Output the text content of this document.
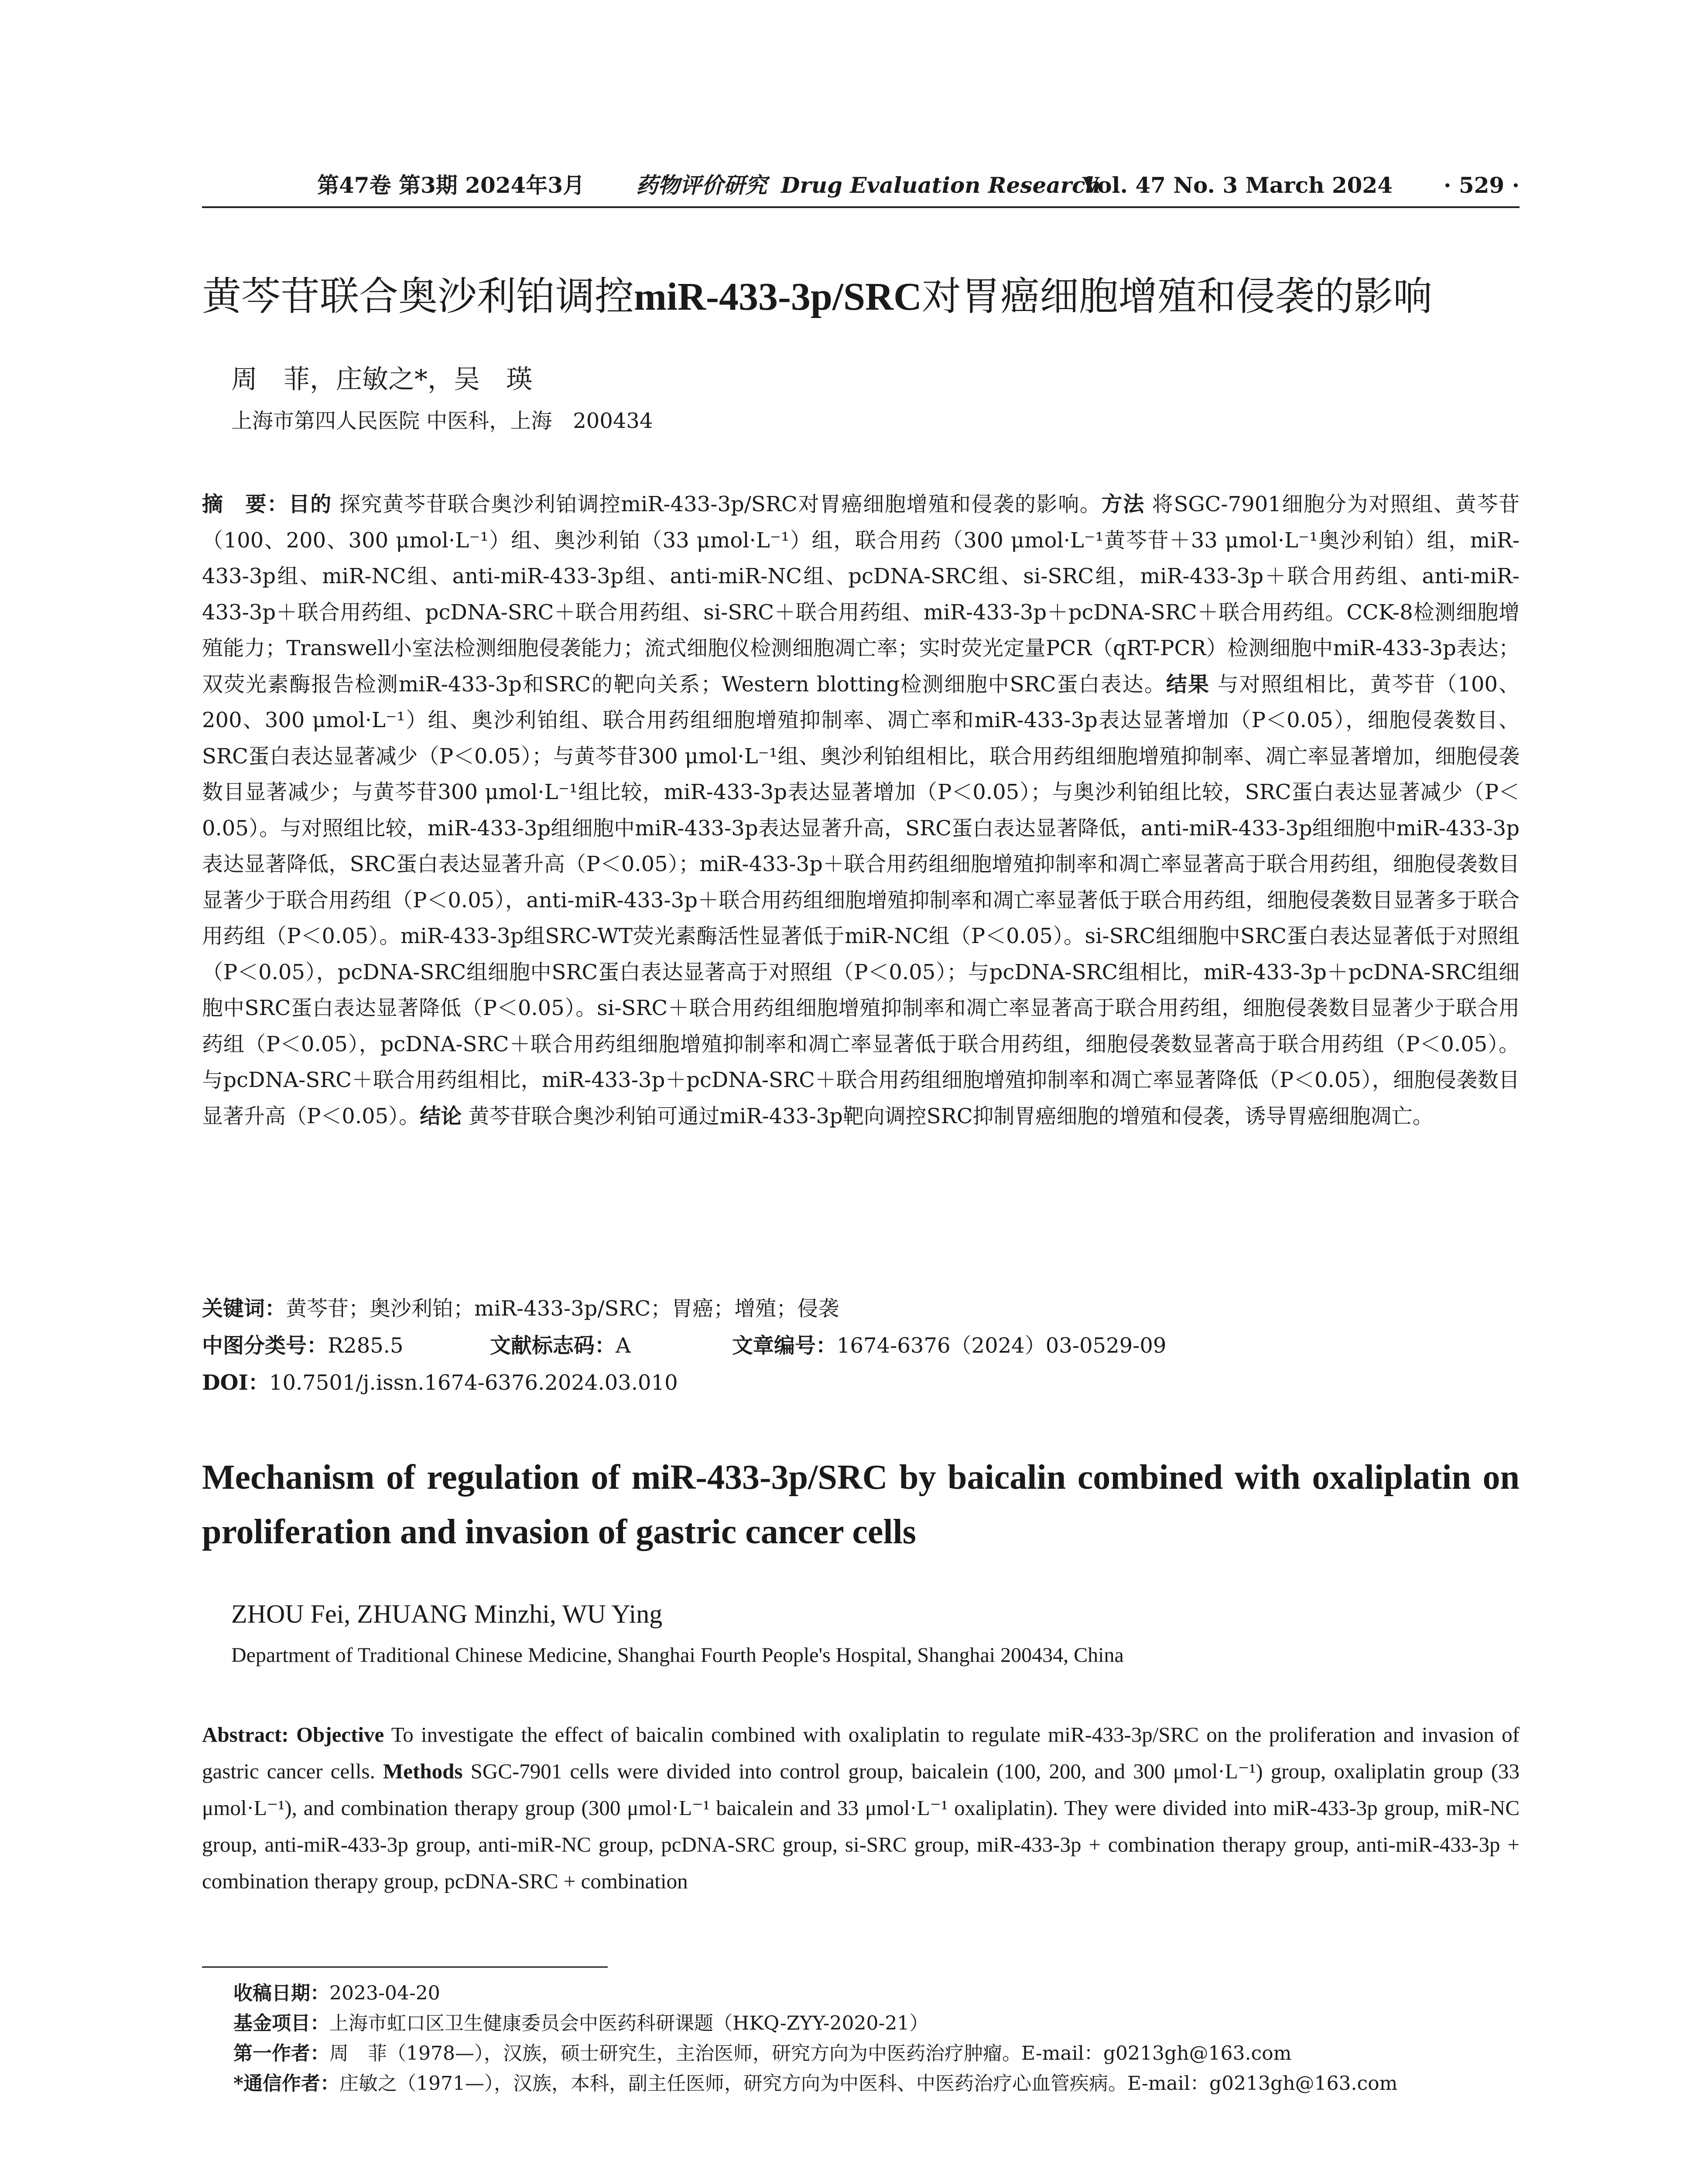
第47卷 第3期 2024年3月 药物评价研究 Drug Evaluation Research
Vol. 47 No. 3 March 2024 · 529 ·
黄芩苷联合奥沙利铂调控miR-433-3p/SRC对胃癌细胞增殖和侵袭的影响
周　菲，庄敏之*，吴　瑛
上海市第四人民医院 中医科，上海　200434
摘　要：目的 探究黄芩苷联合奥沙利铂调控miR-433-3p/SRC对胃癌细胞增殖和侵袭的影响。方法 将SGC-7901细胞分为对照组、黄芩苷（100、200、300 μmol·L⁻¹）组、奥沙利铂（33 μmol·L⁻¹）组，联合用药（300 μmol·L⁻¹黄芩苷＋33 μmol·L⁻¹奥沙利铂）组，miR-433-3p组、miR-NC组、anti-miR-433-3p组、anti-miR-NC组、pcDNA-SRC组、si-SRC组，miR-433-3p＋联合用药组、anti-miR-433-3p＋联合用药组、pcDNA-SRC＋联合用药组、si-SRC＋联合用药组、miR-433-3p＋pcDNA-SRC＋联合用药组。CCK-8检测细胞增殖能力；Transwell小室法检测细胞侵袭能力；流式细胞仪检测细胞凋亡率；实时荧光定量PCR（qRT-PCR）检测细胞中miR-433-3p表达；双荧光素酶报告检测miR-433-3p和SRC的靶向关系；Western blotting检测细胞中SRC蛋白表达。结果 与对照组相比，黄芩苷（100、200、300 μmol·L⁻¹）组、奥沙利铂组、联合用药组细胞增殖抑制率、凋亡率和miR-433-3p表达显著增加（P＜0.05），细胞侵袭数目、SRC蛋白表达显著减少（P＜0.05）；与黄芩苷300 μmol·L⁻¹组、奥沙利铂组相比，联合用药组细胞增殖抑制率、凋亡率显著增加，细胞侵袭数目显著减少；与黄芩苷300 μmol·L⁻¹组比较，miR-433-3p表达显著增加（P＜0.05）；与奥沙利铂组比较，SRC蛋白表达显著减少（P＜0.05）。与对照组比较，miR-433-3p组细胞中miR-433-3p表达显著升高，SRC蛋白表达显著降低，anti-miR-433-3p组细胞中miR-433-3p表达显著降低，SRC蛋白表达显著升高（P＜0.05）；miR-433-3p＋联合用药组细胞增殖抑制率和凋亡率显著高于联合用药组，细胞侵袭数目显著少于联合用药组（P＜0.05），anti-miR-433-3p＋联合用药组细胞增殖抑制率和凋亡率显著低于联合用药组，细胞侵袭数目显著多于联合用药组（P＜0.05）。miR-433-3p组SRC-WT荧光素酶活性显著低于miR-NC组（P＜0.05）。si-SRC组细胞中SRC蛋白表达显著低于对照组（P＜0.05），pcDNA-SRC组细胞中SRC蛋白表达显著高于对照组（P＜0.05）；与pcDNA-SRC组相比，miR-433-3p＋pcDNA-SRC组细胞中SRC蛋白表达显著降低（P＜0.05）。si-SRC＋联合用药组细胞增殖抑制率和凋亡率显著高于联合用药组，细胞侵袭数目显著少于联合用药组（P＜0.05），pcDNA-SRC＋联合用药组细胞增殖抑制率和凋亡率显著低于联合用药组，细胞侵袭数显著高于联合用药组（P＜0.05）。与pcDNA-SRC＋联合用药组相比，miR-433-3p＋pcDNA-SRC＋联合用药组细胞增殖抑制率和凋亡率显著降低（P＜0.05），细胞侵袭数目显著升高（P＜0.05）。结论 黄芩苷联合奥沙利铂可通过miR-433-3p靶向调控SRC抑制胃癌细胞的增殖和侵袭，诱导胃癌细胞凋亡。
关键词：黄芩苷；奥沙利铂；miR-433-3p/SRC；胃癌；增殖；侵袭
中图分类号：R285.5	文献标志码：A	文章编号：1674-6376（2024）03-0529-09
DOI：10.7501/j.issn.1674-6376.2024.03.010
Mechanism of regulation of miR-433-3p/SRC by baicalin combined with oxaliplatin on proliferation and invasion of gastric cancer cells
ZHOU Fei, ZHUANG Minzhi, WU Ying
Department of Traditional Chinese Medicine, Shanghai Fourth People's Hospital, Shanghai 200434, China
Abstract: Objective To investigate the effect of baicalin combined with oxaliplatin to regulate miR-433-3p/SRC on the proliferation and invasion of gastric cancer cells. Methods SGC-7901 cells were divided into control group, baicalein (100, 200, and 300 μmol·L⁻¹) group, oxaliplatin group (33 μmol·L⁻¹), and combination therapy group (300 μmol·L⁻¹ baicalein and 33 μmol·L⁻¹ oxaliplatin). They were divided into miR-433-3p group, miR-NC group, anti-miR-433-3p group, anti-miR-NC group, pcDNA-SRC group, si-SRC group, miR-433-3p + combination therapy group, anti-miR-433-3p + combination therapy group, pcDNA-SRC + combination
收稿日期：2023-04-20
基金项目：上海市虹口区卫生健康委员会中医药科研课题（HKQ-ZYY-2020-21）
第一作者：周　菲（1978—），汉族，硕士研究生，主治医师，研究方向为中医药治疗肿瘤。E-mail：g0213gh@163.com
*通信作者：庄敏之（1971—），汉族，本科，副主任医师，研究方向为中医科、中医药治疗心血管疾病。E-mail：g0213gh@163.com
